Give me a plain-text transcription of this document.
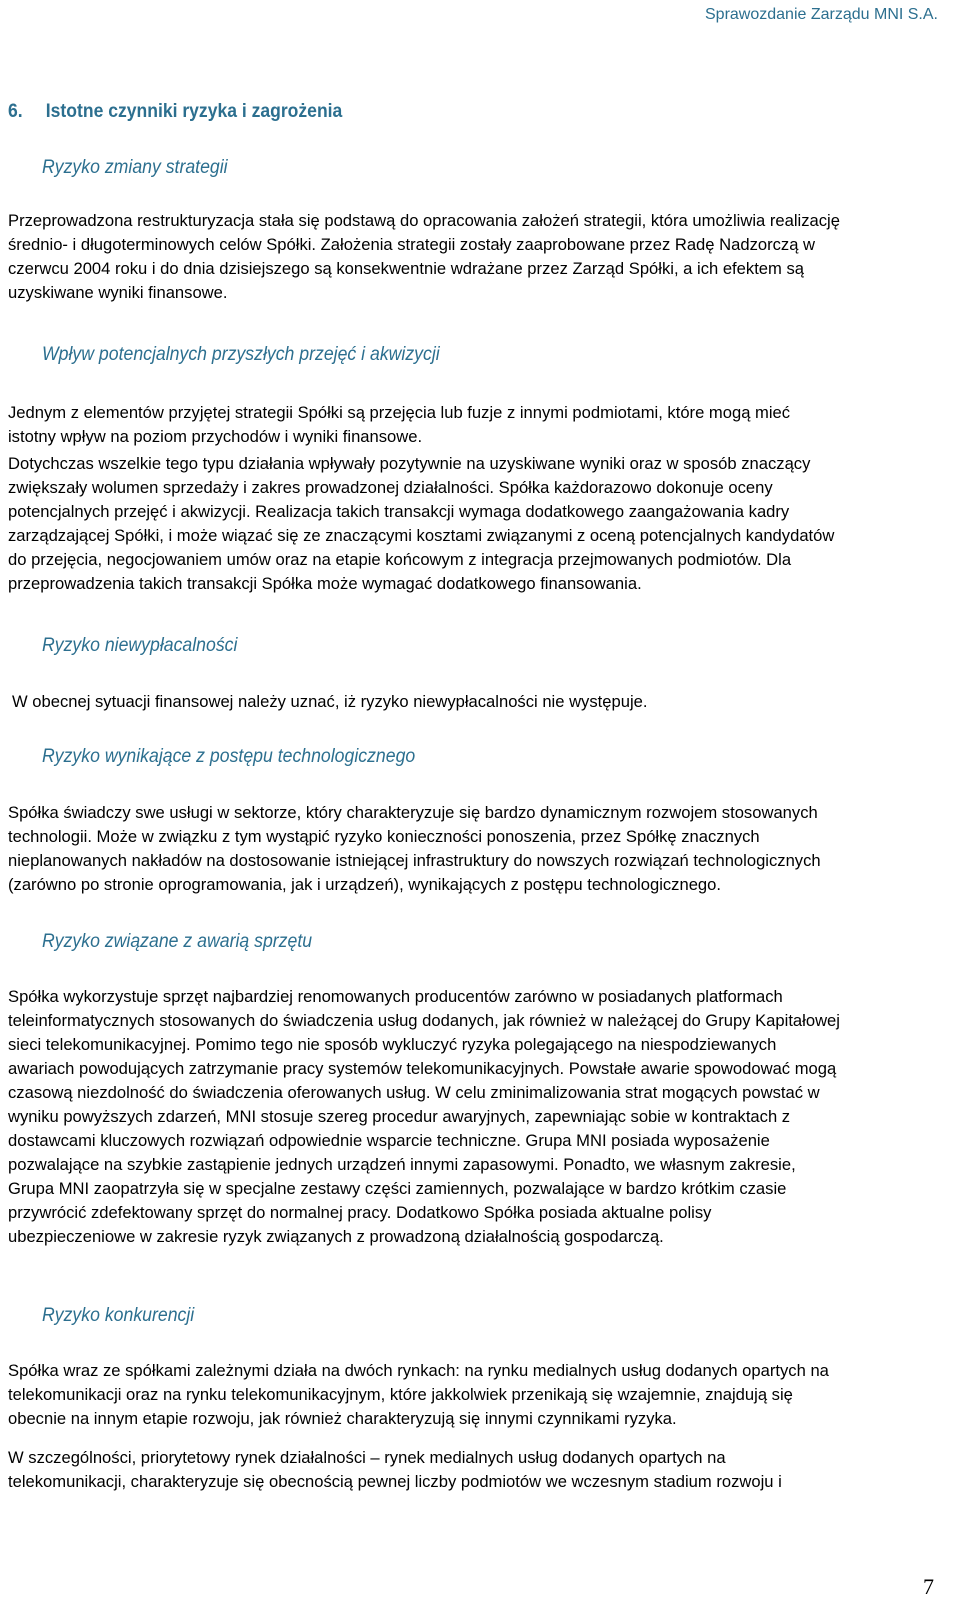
Sprawozdanie Zarządu MNI S.A.
6. Istotne czynniki ryzyka i zagrożenia
Ryzyko zmiany strategii
Przeprowadzona restrukturyzacja stała się podstawą do opracowania założeń strategii, która umożliwia realizację
średnio- i długoterminowych celów Spółki. Założenia strategii zostały zaaprobowane przez Radę Nadzorczą w
czerwcu 2004 roku i do dnia dzisiejszego są konsekwentnie wdrażane przez Zarząd Spółki, a ich efektem są
uzyskiwane wyniki finansowe.
Wpływ potencjalnych przyszłych przejęć i akwizycji
Jednym z elementów przyjętej strategii Spółki są przejęcia lub fuzje z innymi podmiotami, które mogą mieć
istotny wpływ na poziom przychodów i wyniki finansowe.
Dotychczas wszelkie tego typu działania wpływały pozytywnie na uzyskiwane wyniki oraz w sposób znaczący
zwiększały wolumen sprzedaży i zakres prowadzonej działalności. Spółka każdorazowo dokonuje oceny
potencjalnych przejęć i akwizycji. Realizacja takich transakcji wymaga dodatkowego zaangażowania kadry
zarządzającej Spółki, i może wiązać się ze znaczącymi kosztami związanymi z oceną potencjalnych kandydatów
do przejęcia, negocjowaniem umów oraz na etapie końcowym z integracja przejmowanych podmiotów. Dla
przeprowadzenia takich transakcji Spółka może wymagać dodatkowego finansowania.
Ryzyko niewypłacalności
W obecnej sytuacji finansowej należy uznać, iż ryzyko niewypłacalności nie występuje.
Ryzyko wynikające z postępu technologicznego
Spółka świadczy swe usługi w sektorze, który charakteryzuje się bardzo dynamicznym rozwojem stosowanych
technologii. Może w związku z tym wystąpić ryzyko konieczności ponoszenia, przez Spółkę znacznych
nieplanowanych nakładów na dostosowanie istniejącej infrastruktury do nowszych rozwiązań technologicznych
(zarówno po stronie oprogramowania, jak i urządzeń), wynikających z postępu technologicznego.
Ryzyko związane z awarią sprzętu
Spółka wykorzystuje sprzęt najbardziej renomowanych producentów zarówno w posiadanych platformach
teleinformatycznych stosowanych do świadczenia usług dodanych, jak również w należącej do Grupy Kapitałowej
sieci telekomunikacyjnej. Pomimo tego nie sposób wykluczyć ryzyka polegającego na niespodziewanych
awariach powodujących zatrzymanie pracy systemów telekomunikacyjnych. Powstałe awarie spowodować mogą
czasową niezdolność do świadczenia oferowanych usług. W celu zminimalizowania strat mogących powstać w
wyniku powyższych zdarzeń, MNI stosuje szereg procedur awaryjnych, zapewniając sobie w kontraktach z
dostawcami kluczowych rozwiązań odpowiednie wsparcie techniczne. Grupa MNI posiada wyposażenie
pozwalające na szybkie zastąpienie jednych urządzeń innymi zapasowymi. Ponadto, we własnym zakresie,
Grupa MNI zaopatrzyła się w specjalne zestawy części zamiennych, pozwalające w bardzo krótkim czasie
przywrócić zdefektowany sprzęt do normalnej pracy. Dodatkowo Spółka posiada aktualne polisy
ubezpieczeniowe w zakresie ryzyk związanych z prowadzoną działalnością gospodarczą.
Ryzyko konkurencji
Spółka wraz ze spółkami zależnymi działa na dwóch rynkach: na rynku medialnych usług dodanych opartych na
telekomunikacji oraz na rynku telekomunikacyjnym, które jakkolwiek przenikają się wzajemnie, znajdują się
obecnie na innym etapie rozwoju, jak również charakteryzują się innymi czynnikami ryzyka.
W szczególności, priorytetowy rynek działalności – rynek medialnych usług dodanych opartych na
telekomunikacji, charakteryzuje się obecnością pewnej liczby podmiotów we wczesnym stadium rozwoju i
7
